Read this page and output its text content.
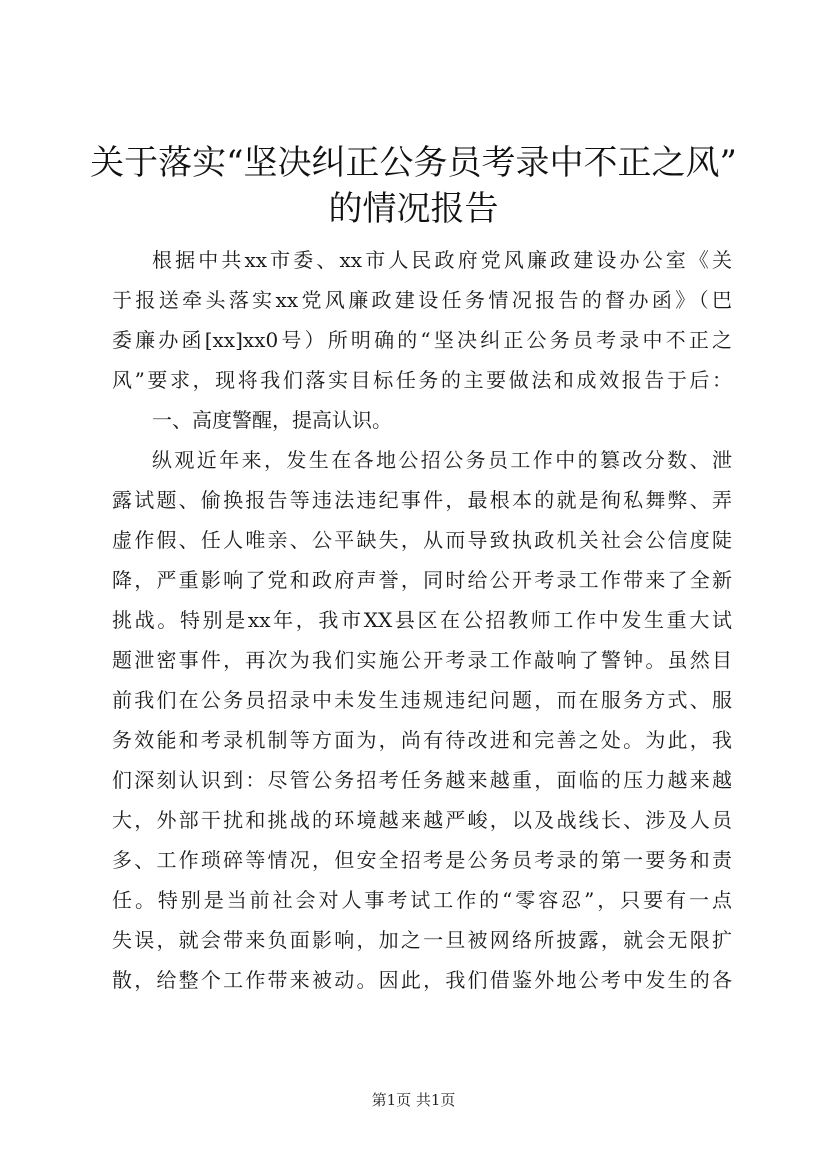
关于落实“坚决纠正公务员考录中不正之风”
的情况报告
根据中共xx市委、xx市人民政府党风廉政建设办公室《关
于报送牵头落实xx党风廉政建设任务情况报告的督办函》（巴
委廉办函[xx]xx0号）所明确的“坚决纠正公务员考录中不正之
风”要求，现将我们落实目标任务的主要做法和成效报告于后：
一、高度警醒，提高认识。
纵观近年来，发生在各地公招公务员工作中的篡改分数、泄
露试题、偷换报告等违法违纪事件，最根本的就是徇私舞弊、弄
虚作假、任人唯亲、公平缺失，从而导致执政机关社会公信度陡
降，严重影响了党和政府声誉，同时给公开考录工作带来了全新
挑战。特别是xx年，我市XX县区在公招教师工作中发生重大试
题泄密事件，再次为我们实施公开考录工作敲响了警钟。虽然目
前我们在公务员招录中未发生违规违纪问题，而在服务方式、服
务效能和考录机制等方面为，尚有待改进和完善之处。为此，我
们深刻认识到：尽管公务招考任务越来越重，面临的压力越来越
大，外部干扰和挑战的环境越来越严峻，以及战线长、涉及人员
多、工作琐碎等情况，但安全招考是公务员考录的第一要务和责
任。特别是当前社会对人事考试工作的“零容忍”，只要有一点
失误，就会带来负面影响，加之一旦被网络所披露，就会无限扩
散，给整个工作带来被动。因此，我们借鉴外地公考中发生的各
第1页 共1页
